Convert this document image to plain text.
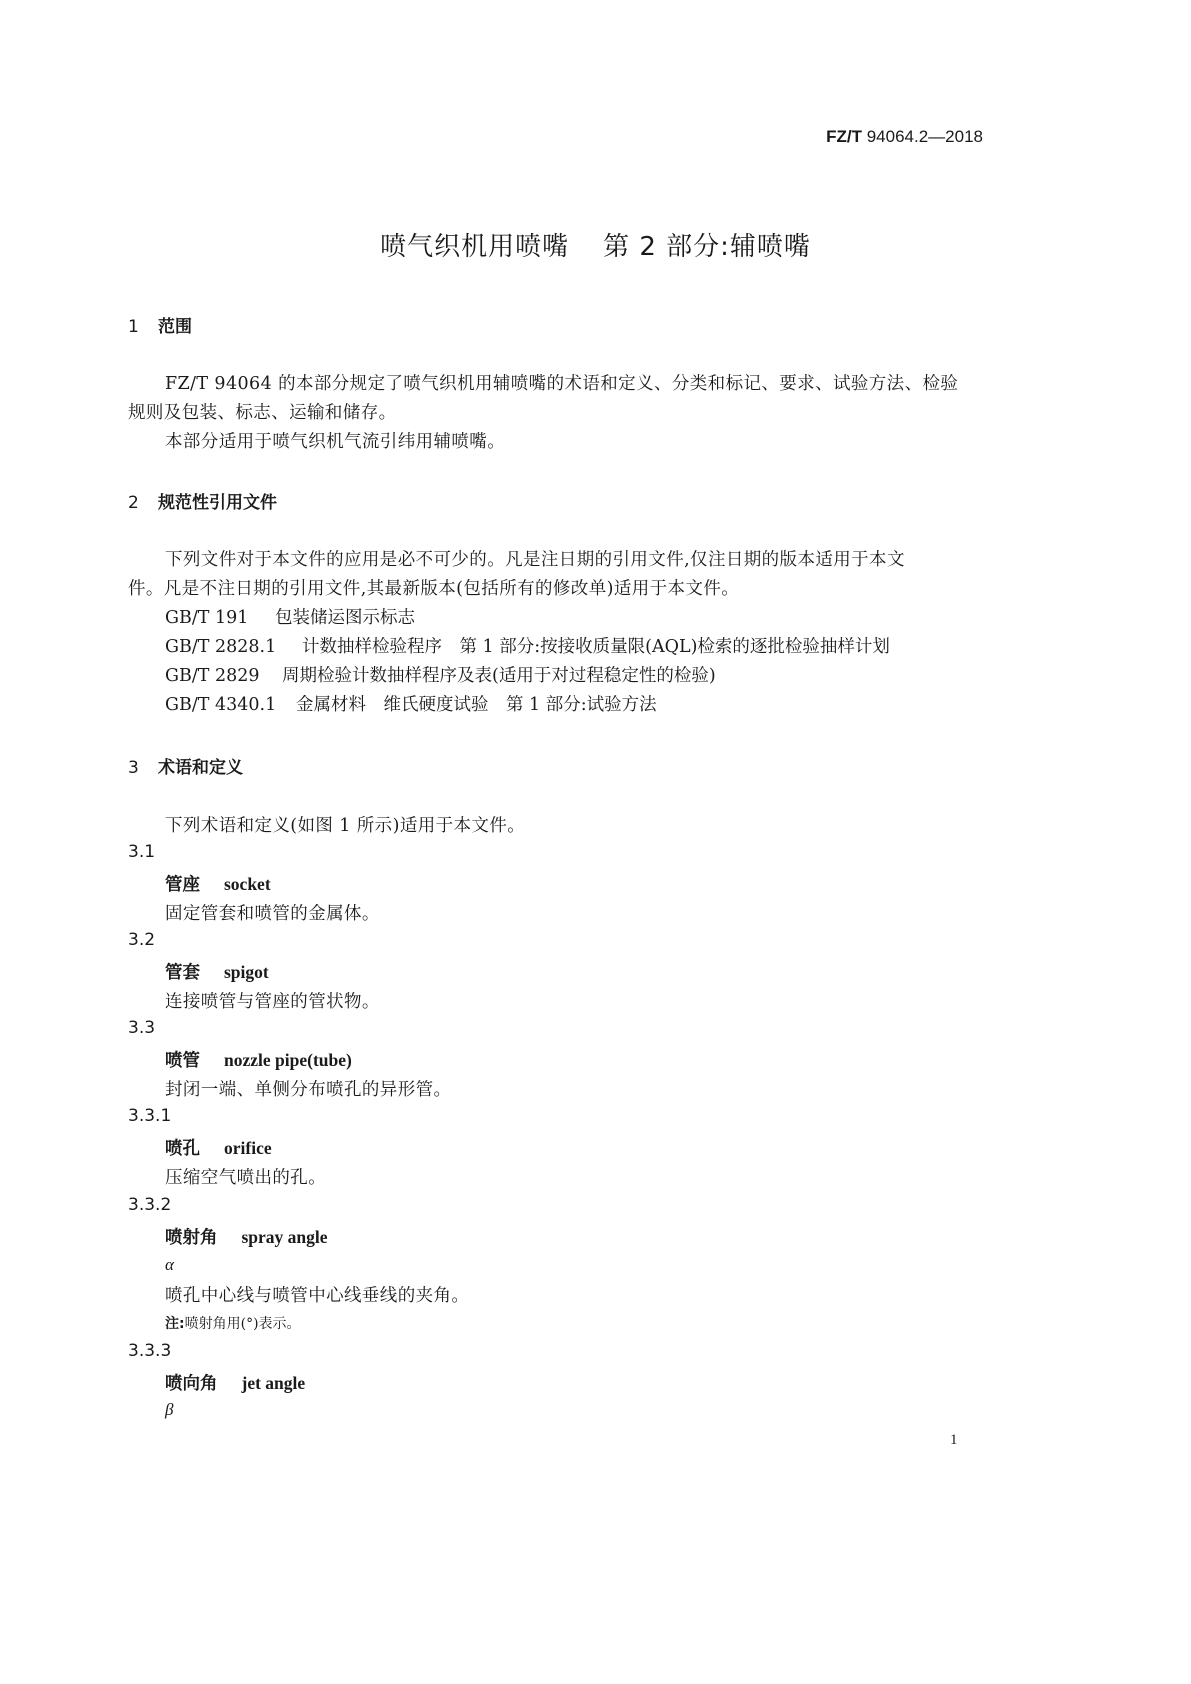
FZ/T 94064.2—2018
喷气织机用喷嘴 第 2 部分:辅喷嘴
1 范围
FZ/T 94064 的本部分规定了喷气织机用辅喷嘴的术语和定义、分类和标记、要求、试验方法、检验
规则及包装、标志、运输和储存。
本部分适用于喷气织机气流引纬用辅喷嘴。
2 规范性引用文件
下列文件对于本文件的应用是必不可少的。凡是注日期的引用文件,仅注日期的版本适用于本文
件。凡是不注日期的引用文件,其最新版本(包括所有的修改单)适用于本文件。
GB/T 191 包装储运图示标志
GB/T 2828.1 计数抽样检验程序　第 1 部分:按接收质量限(AQL)检索的逐批检验抽样计划
GB/T 2829 周期检验计数抽样程序及表(适用于对过程稳定性的检验)
GB/T 4340.1 金属材料　维氏硬度试验　第 1 部分:试验方法
3 术语和定义
下列术语和定义(如图 1 所示)适用于本文件。
3.1
管座 socket
固定管套和喷管的金属体。
3.2
管套 spigot
连接喷管与管座的管状物。
3.3
喷管 nozzle pipe(tube)
封闭一端、单侧分布喷孔的异形管。
3.3.1
喷孔 orifice
压缩空气喷出的孔。
3.3.2
喷射角 spray angle
α
喷孔中心线与喷管中心线垂线的夹角。
注:喷射角用(°)表示。
3.3.3
喷向角 jet angle
β
1
